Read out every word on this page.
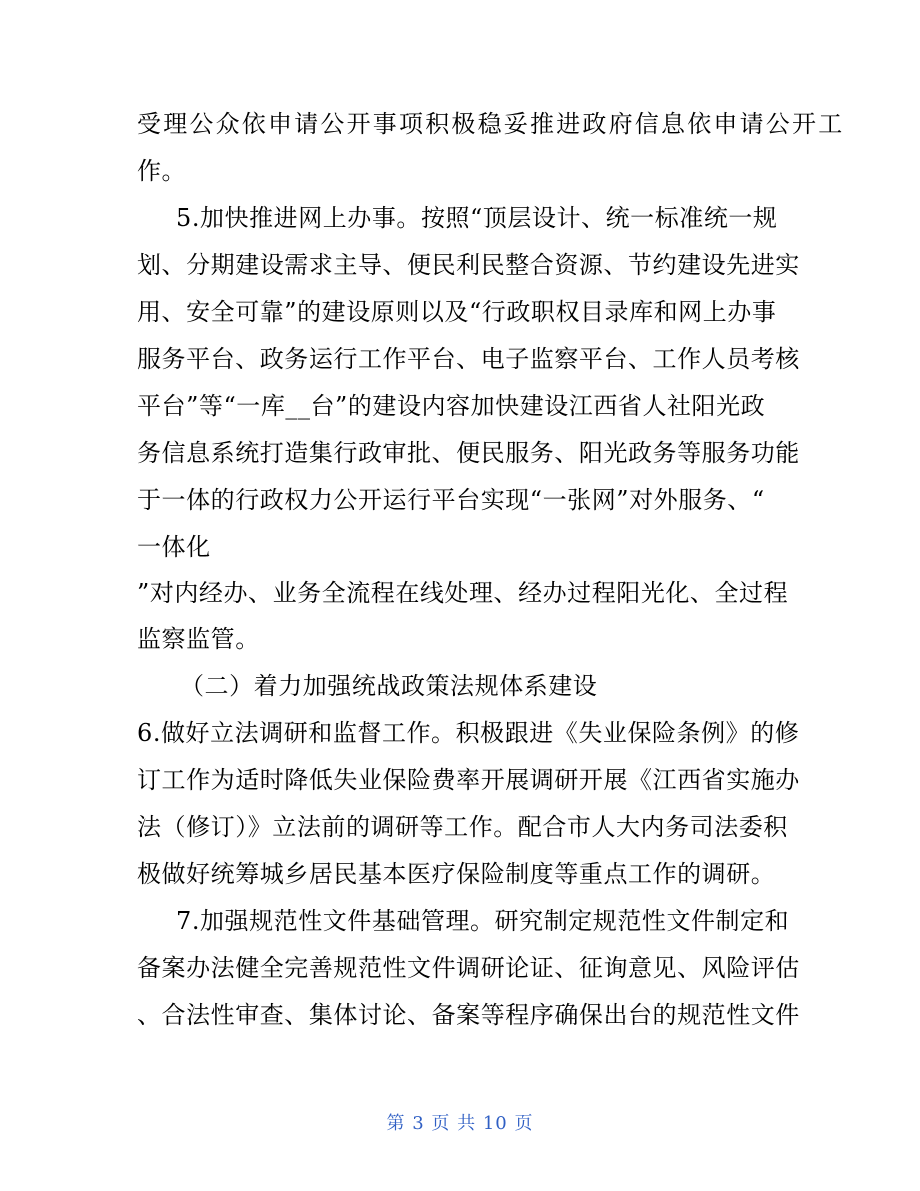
受理公众依申请公开事项积极稳妥推进政府信息依申请公开工
作。
5.加快推进网上办事。按照“顶层设计、统一标准统一规
划、分期建设需求主导、便民利民整合资源、节约建设先进实
用、安全可靠”的建设原则以及“行政职权目录库和网上办事
服务平台、政务运行工作平台、电子监察平台、工作人员考核
平台”等“一库__台”的建设内容加快建设江西省人社阳光政
务信息系统打造集行政审批、便民服务、阳光政务等服务功能
于一体的行政权力公开运行平台实现“一张网”对外服务、“
一体化
”对内经办、业务全流程在线处理、经办过程阳光化、全过程
监察监管。
（二）着力加强统战政策法规体系建设
6.做好立法调研和监督工作。积极跟进《失业保险条例》的修
订工作为适时降低失业保险费率开展调研开展《江西省实施办
法（修订）》立法前的调研等工作。配合市人大内务司法委积
极做好统筹城乡居民基本医疗保险制度等重点工作的调研。
7.加强规范性文件基础管理。研究制定规范性文件制定和
备案办法健全完善规范性文件调研论证、征询意见、风险评估
、合法性审查、集体讨论、备案等程序确保出台的规范性文件
第 3 页 共 10 页
